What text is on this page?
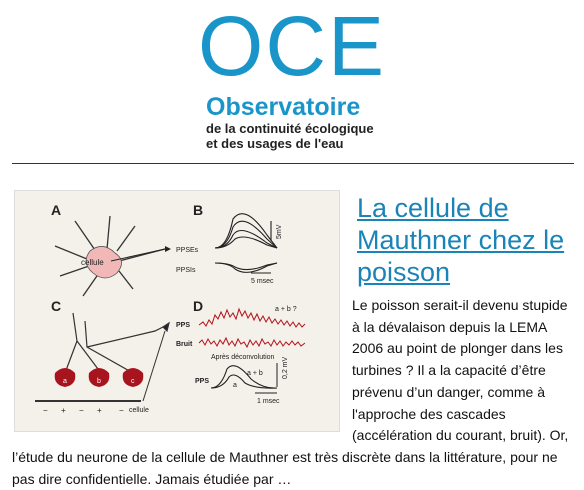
OCE
Observatoire
de la continuité écologique
et des usages de l'eau
A
cellule
B
PPSEs
PPSIs
5mV
5 msec
C
a	b	c
+	+
−	−	− cellule
D
PPS
Bruit
a + b ?
Après déconvolution
PPS
a + b
a
0,2 mV
1 msec
La cellule de Mauthner chez le poisson

Le poisson serait-il devenu stupide à la dévalaison depuis la LEMA 2006 au point de plonger dans les turbines ? Il a la capacité d’être prévenu d’un danger, comme à l'approche des cascades (accélération du courant, bruit). Or, l’étude du neurone de la cellule de Mauthner est très discrète dans la littérature, pour ne pas dire confidentielle. Jamais étudiée par …
